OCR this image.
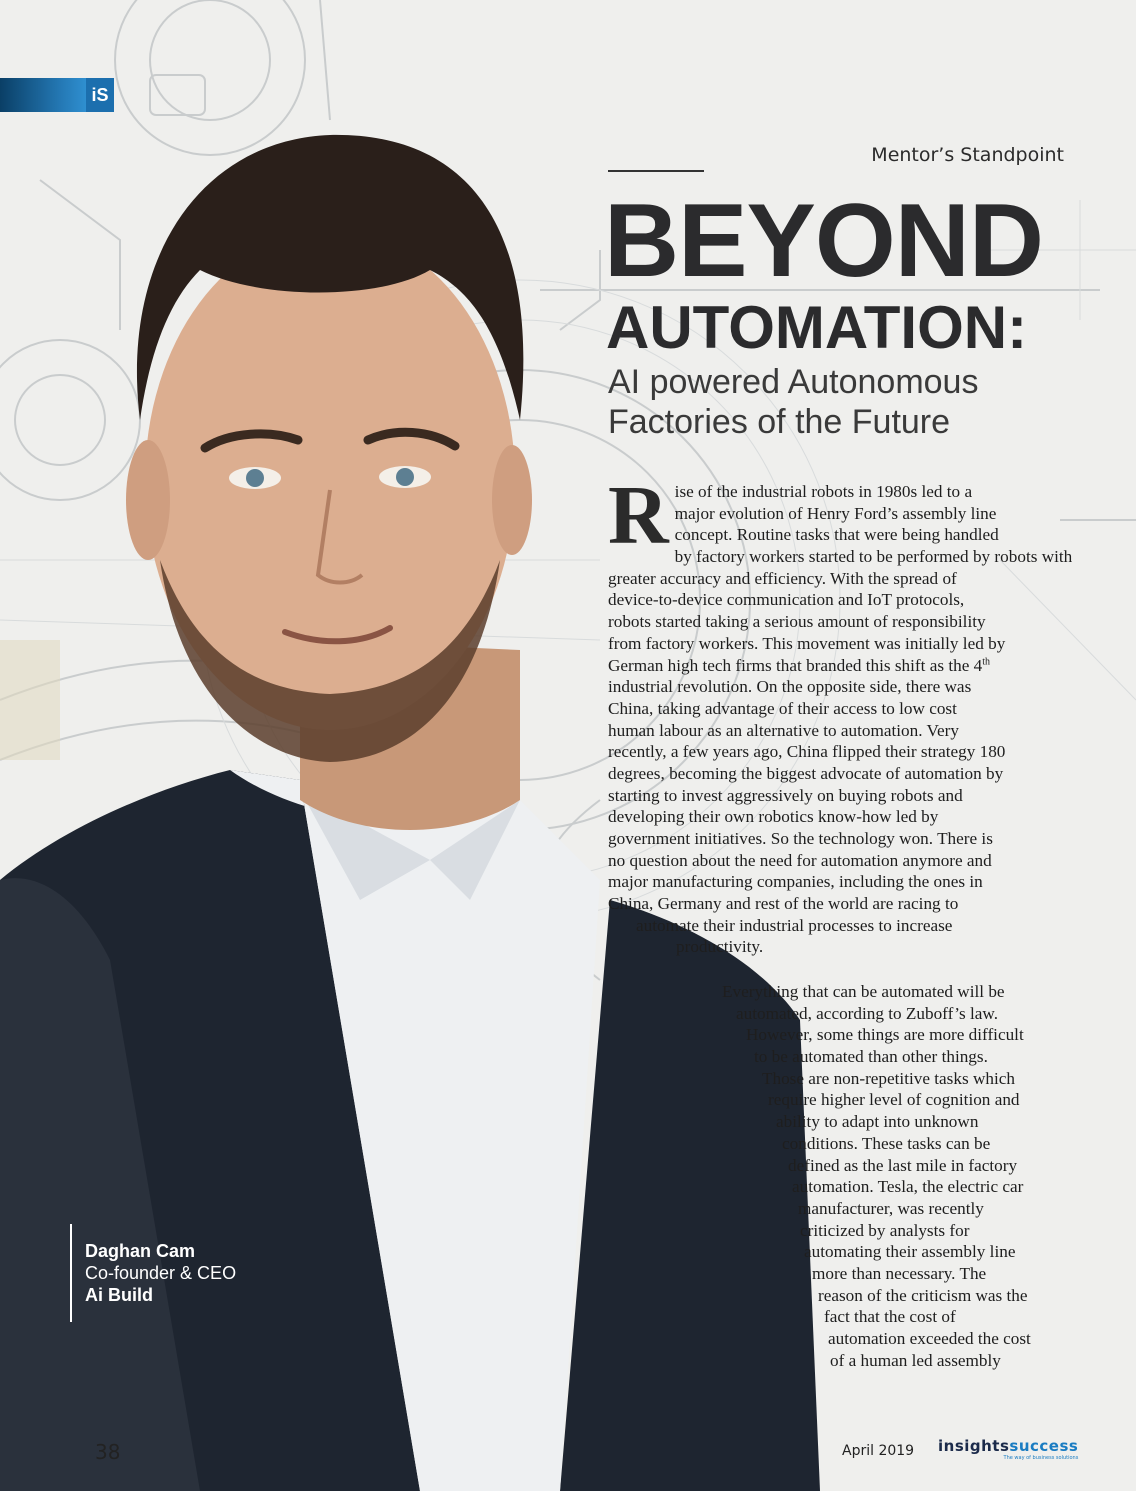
iS
Mentor’s Standpoint
BEYOND
AUTOMATION:
AI powered Autonomous
Factories of the Future
R ise of the industrial robots in 1980s led to a
major evolution of Henry Ford’s assembly line
concept. Routine tasks that were being handled
by factory workers started to be performed by robots with
greater accuracy and efficiency. With the spread of
device-to-device communication and IoT protocols,
robots started taking a serious amount of responsibility
from factory workers. This movement was initially led by
German high tech firms that branded this shift as the 4th
industrial revolution. On the opposite side, there was
China, taking advantage of their access to low cost
human labour as an alternative to automation. Very
recently, a few years ago, China flipped their strategy 180
degrees, becoming the biggest advocate of automation by
starting to invest aggressively on buying robots and
developing their own robotics know-how led by
government initiatives. So the technology won. There is
no question about the need for automation anymore and
major manufacturing companies, including the ones in
China, Germany and rest of the world are racing to
automate their industrial processes to increase
productivity.
Everything that can be automated will be
automated, according to Zuboff’s law.
However, some things are more difficult
to be automated than other things.
Those are non-repetitive tasks which
require higher level of cognition and
ability to adapt into unknown
conditions. These tasks can be
defined as the last mile in factory
automation. Tesla, the electric car
manufacturer, was recently
criticized by analysts for
automating their assembly line
more than necessary. The
reason of the criticism was the
fact that the cost of
automation exceeded the cost
of a human led assembly
Daghan Cam
Co-founder & CEO
Ai Build
38	April 2019 insightssuccess
The way of business solutions
